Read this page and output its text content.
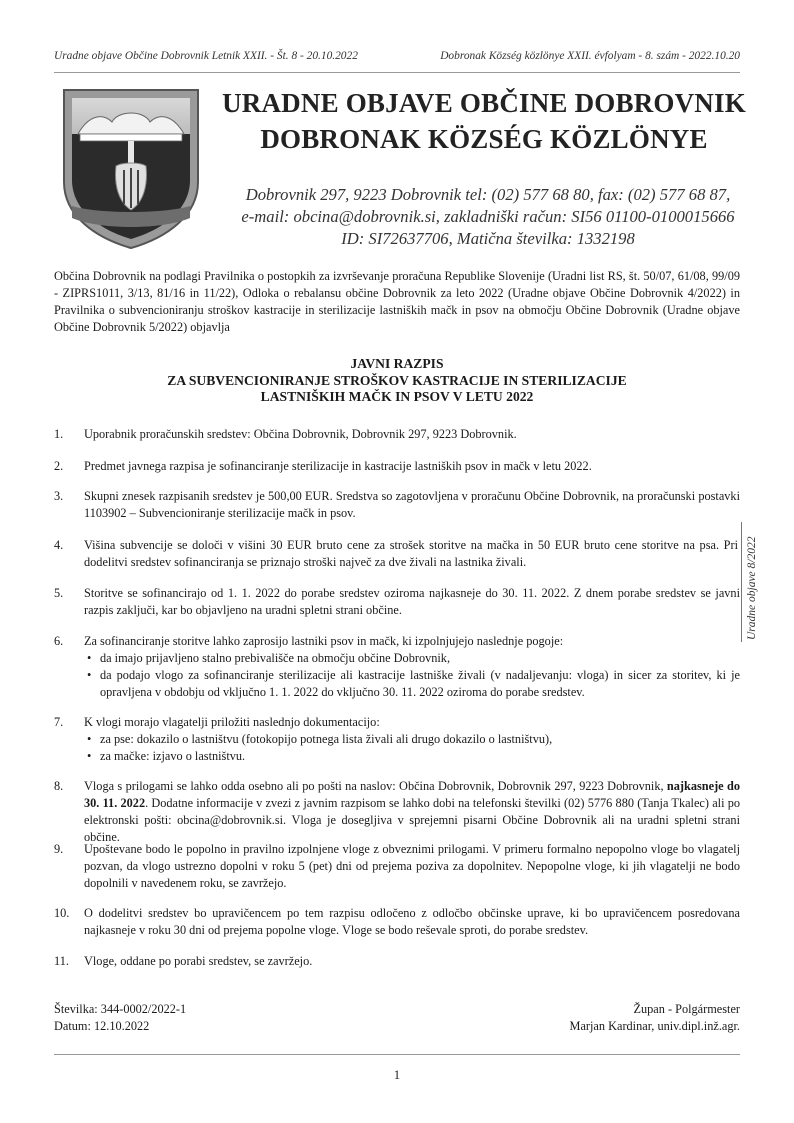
Uradne objave Občine Dobrovnik Letnik XXII. - Št. 8 - 20.10.2022	Dobronak Község közlönye XXII. évfolyam - 8. szám - 2022.10.20
URADNE OBJAVE OBČINE DOBROVNIK
DOBRONAK KÖZSÉG KÖZLÖNYE
Dobrovnik 297, 9223 Dobrovnik tel: (02) 577 68 80, fax: (02) 577 68 87,
e-mail: obcina@dobrovnik.si, zakladniški račun: SI56 01100-0100015666
ID: SI72637706, Matična številka: 1332198
Občina Dobrovnik na podlagi Pravilnika o postopkih za izvrševanje proračuna Republike Slovenije (Uradni list RS, št. 50/07, 61/08, 99/09 - ZIPRS1011, 3/13, 81/16 in 11/22), Odloka o rebalansu občine Dobrovnik za leto 2022 (Uradne objave Občine Dobrovnik 4/2022) in Pravilnika o subvencioniranju stroškov kastracije in sterilizacije lastniških mačk in psov na območju Občine Dobrovnik (Uradne objave Občine Dobrovnik 5/2022) objavlja
JAVNI RAZPIS
ZA SUBVENCIONIRANJE STROŠKOV KASTRACIJE IN STERILIZACIJE
LASTNIŠKIH MAČK IN PSOV V LETU 2022
Uradne objave 8/2022
1. Uporabnik proračunskih sredstev: Občina Dobrovnik, Dobrovnik 297, 9223 Dobrovnik.
2. Predmet javnega razpisa je sofinanciranje sterilizacije in kastracije lastniških psov in mačk v letu 2022.
3. Skupni znesek razpisanih sredstev je 500,00 EUR. Sredstva so zagotovljena v proračunu Občine Dobrovnik, na proračunski postavki 1103902 – Subvencioniranje sterilizacije mačk in psov.
4. Višina subvencije se določi v višini 30 EUR bruto cene za strošek storitve na mačka in 50 EUR bruto cene storitve na psa. Pri dodelitvi sredstev sofinanciranja se priznajo stroški največ za dve živali na lastnika živali.
5. Storitve se sofinancirajo od 1. 1. 2022 do porabe sredstev oziroma najkasneje do 30. 11. 2022. Z dnem porabe sredstev se javni razpis zaključi, kar bo objavljeno na uradni spletni strani občine.
6. Za sofinanciranje storitve lahko zaprosijo lastniki psov in mačk, ki izpolnjujejo naslednje pogoje:
• da imajo prijavljeno stalno prebivališče na območju občine Dobrovnik,
• da podajo vlogo za sofinanciranje sterilizacije ali kastracije lastniške živali (v nadaljevanju: vloga) in sicer za storitev, ki je opravljena v obdobju od vključno 1. 1. 2022 do vključno 30. 11. 2022 oziroma do porabe sredstev.
7. K vlogi morajo vlagatelji priložiti naslednjo dokumentacijo:
• za pse: dokazilo o lastništvu (fotokopijo potnega lista živali ali drugo dokazilo o lastništvu),
• za mačke: izjavo o lastništvu.
8. Vloga s prilogami se lahko odda osebno ali po pošti na naslov: Občina Dobrovnik, Dobrovnik 297, 9223 Dobrovnik, najkasneje do 30. 11. 2022. Dodatne informacije v zvezi z javnim razpisom se lahko dobi na telefonski številki (02) 5776 880 (Tanja Tkalec) ali po elektronski pošti: obcina@dobrovnik.si. Vloga je dosegljiva v sprejemni pisarni Občine Dobrovnik ali na uradni spletni strani občine.
9. Upoštevane bodo le popolno in pravilno izpolnjene vloge z obveznimi prilogami. V primeru formalno nepopolno vloge bo vlagatelj pozvan, da vlogo ustrezno dopolni v roku 5 (pet) dni od prejema poziva za dopolnitev. Nepopolne vloge, ki jih vlagatelji ne bodo dopolnili v navedenem roku, se zavržejo.
10. O dodelitvi sredstev bo upravičencem po tem razpisu odločeno z odločbo občinske uprave, ki bo upravičencem posredovana najkasneje v roku 30 dni od prejema popolne vloge. Vloge se bodo reševale sproti, do porabe sredstev.
11. Vloge, oddane po porabi sredstev, se zavržejo.
Številka: 344-0002/2022-1
Datum: 12.10.2022
Župan - Polgármester
Marjan Kardinar, univ.dipl.inž.agr.
1
